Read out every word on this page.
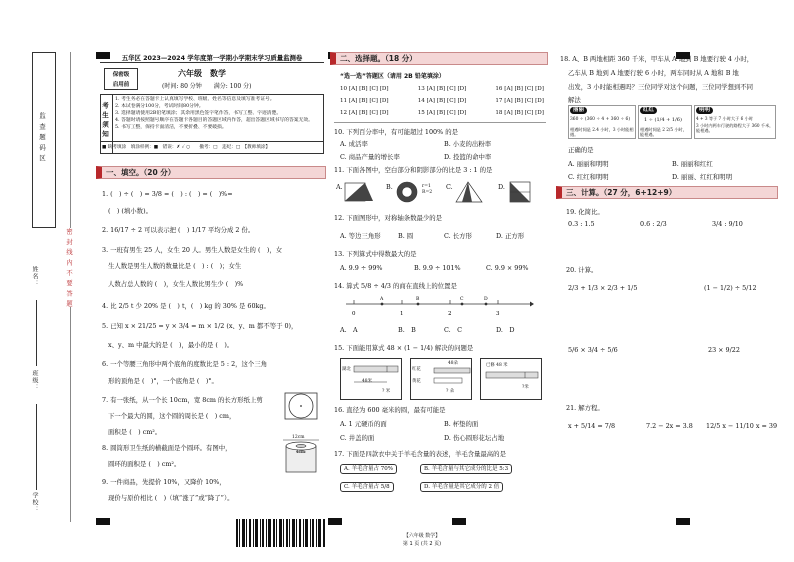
监 查 题 码 区
密 封 线 内 不 要 答 题
学校：
班级：
姓名：
五华区 2023—2024 学年度第一学期小学期末学习质量监测卷
保密级
启用前
六年级　数学
(时间: 80 分钟　　满分: 100 分)
考生须知
1. 考生务必在答题卡上认真填写学校、班级、姓名等信息及填写准考证号。
2. 本试卷满分100分，考试时间80分钟。
3. 选择题请使用2B铅笔填涂；其余用黑色签字笔作答，书写工整、字迹清楚。
4. 答题时请按照题号顺序在答题卡各题目的答题区域内作答，超出答题区域书写的答案无效。
5. 书写工整，保持卡面清洁，不要折叠、不要破损。
■ 缺考填涂　填涂样例：■　错误：✗ ✓ ○　　撤考：□　违纪：□　【教师填涂】
一、填空。（20 分）
1. (　) ÷ (　) = 3/8 = (　) : (　) = (　)%=
(　) (填小数)。
2. 16/17 ÷ 2 可以表示把 (　) 1/17 平均分成 2 份。
3. 一班有男生 25 人，女生 20 人。男生人数是女生的 (　)，女
生人数是男生人数的数量比是 (　) : (　)；女生
人数占总人数的 (　)，女生人数比男生少 (　)%
4. 比 2/5 t 少 20% 是 (　) t，(　) kg 的 30% 是 60kg。
5. 已知 x × 21/25 = y × 3/4 = m × 1/2 (x、y、m 都不等于 0)，
x、y、m 中最大的是 (　)，最小的是 (　)。
6. 一个等腰三角形中两个底角的度数比是 5 : 2，这个三角
形的顶角是 (　)°，一个底角是 (　)°。
7. 有一张纸，从一个长 10cm，宽 8cm 的长方形纸上剪
下一个最大的圆，这个圆的周长是 (　) cm，
面积是 (　) cm²。
8. 圆筒形卫生纸的横截面是个圆环。有图中，
圆环的面积是 (　) cm²。
12cm
4cm
9. 一件商品，先提价 10%，又降价 10%，
现价与原价相比 (　)（填“涨了”或“降了”）。
二、选择题。（18 分）
“选一选”答题区（请用 2B 铅笔填涂）
10 [A] [B] [C] [D]	13 [A] [B] [C] [D]	16 [A] [B] [C] [D]
11 [A] [B] [C] [D]	14 [A] [B] [C] [D]	17 [A] [B] [C] [D]
12 [A] [B] [C] [D]	15 [A] [B] [C] [D]	18 [A] [B] [C] [D]
10. 下列百分率中，有可能超过 100% 的是
A. 成活率	B. 小麦的出粉率
C. 商品产量的增长率	D. 投篮的命中率
11. 下面各图中，空白部分和阴影部分的比是 3 : 1 的是
A.	B.	C.	D.
r=1
R=2
12. 下面图形中，对称轴条数最少的是
A. 等边三角形	B. 圆	C. 长方形	D. 正方形
13. 下列算式中得数最大的是
A. 9.9 ÷ 99%	B. 9.9 ÷ 101%	C. 9.9 × 99%
14. 算式 5/8 ÷ 4/3 的商在直线上的位置是
0	1	2	3
A	B	C	D
A.　A	B.　B	C.　C	D.　D
15. 下面能用算式 48 × (1 − 1/4) 解决的问题是
湖北
48米
? 米
红花
黄花
48朵
? 朵
已修 48 米
?米
16. 直径为 600 毫米的圆，最有可能是
A. 1 元硬币的面	B. 杯垫的面
C. 井盖的面	D. 伤心圆形花坛占地
17. 下面是四款衣中关于羊毛含量的表述，羊毛含量最高的是
A. 羊毛含量占 70%	B. 羊毛含量与其它成分的比是 5:3
C. 羊毛含量占 5/8	D. 羊毛含量是其它成分的 2 倍
18. A、B 两地相距 360 千米，甲车从 A 地到 B 地要行驶 4 小时，
乙车从 B 地到 A 地要行驶 6 小时，两车同时从 A 地和 B 地
出发，3 小时能相遇吗？三位同学对这个问题，三位同学想到不同
解法
丽丽	红红	明明
360 ÷ (360 ÷ 4 + 360 ÷ 6)	1 ÷ (1/4 + 1/6)	4 + 3 等于 7 小时大于 6 小时
相遇时间是 2.4 小时，3 小时能相遇。
相遇时间是 2 2/5 小时，能相遇。
3 小时内两车行驶的路程大于 360 千米，能相遇。
正确的是
A. 丽丽和明明	B. 丽丽和红红
C. 红红和明明	D. 丽丽、红红和明明
三、计算。（27 分，6+12+9）
19. 化简比。
0.3 : 1.5	0.6 : 2/3	3/4 : 9/10
20. 计算。
2/3 + 1/3 × 2/3 + 1/5	(1 − 1/2) ÷ 5/12
5/6 × 3/4 ÷ 5/6	23 × 9/22
21. 解方程。
x + 5/14 = 7/8	7.2 − 2x = 3.8 12/5 x − 11/10 x = 39
【六年级 数学】
第 1 页 (共 2 页)
